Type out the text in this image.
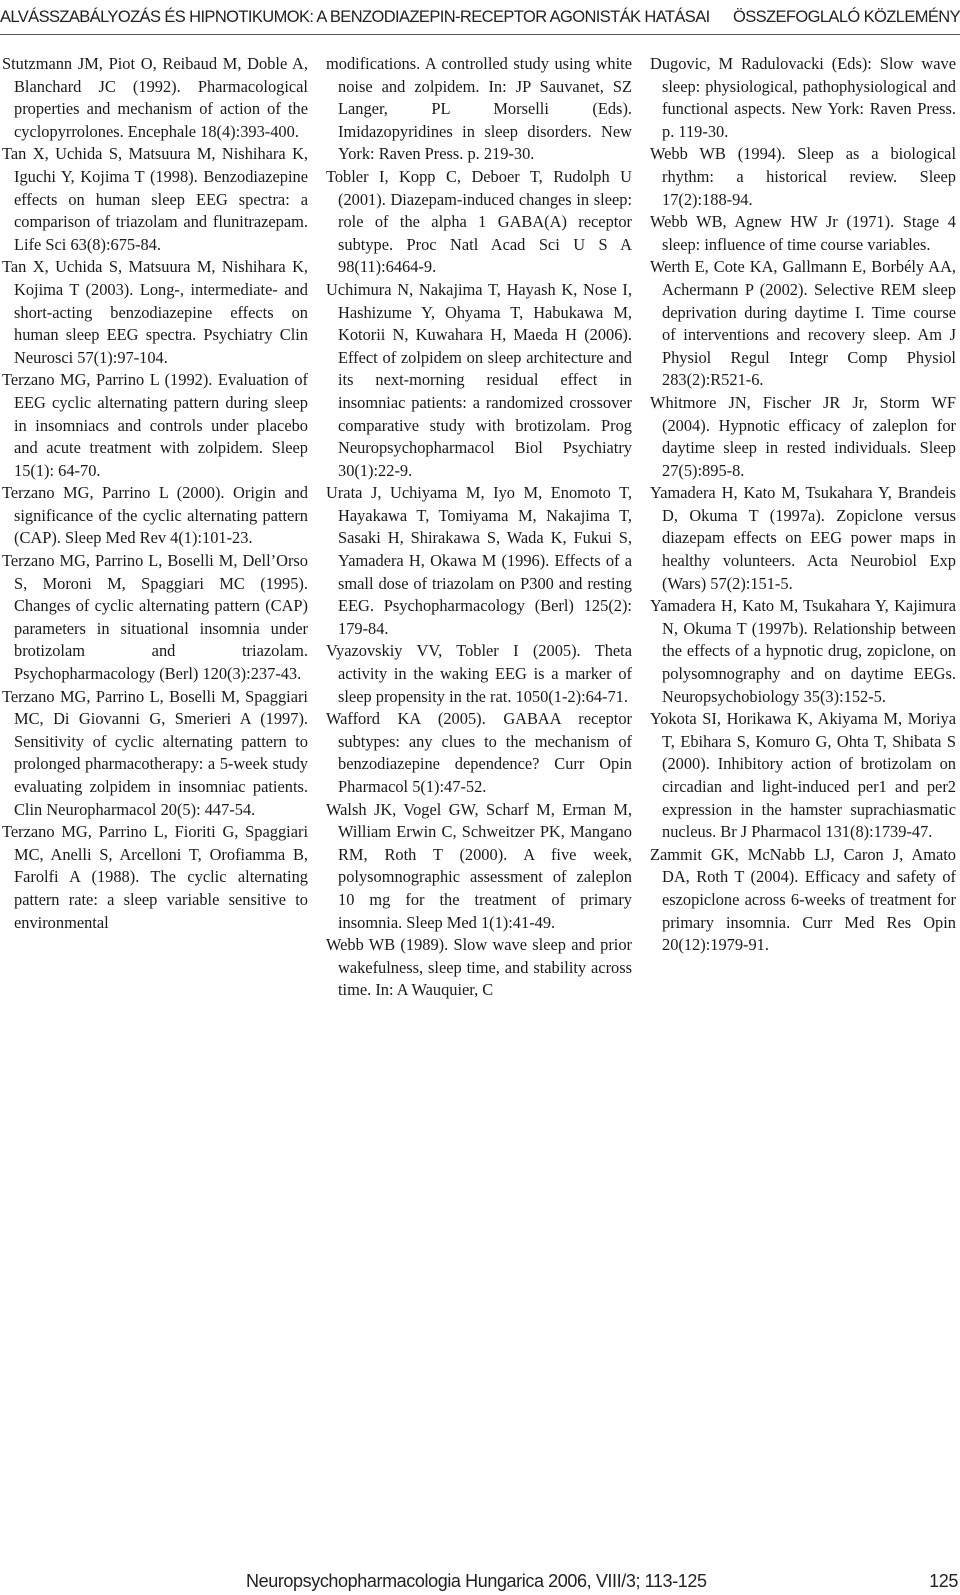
ALVÁSSZABÁLYOZÁS ÉS HIPNOTIKUMOK: A BENZODIAZEPIN-RECEPTOR AGONISTÁK HATÁSAI ÖSSZEFOGLALÓ KÖZLEMÉNY

Stutzmann JM, Piot O, Reibaud M, Doble A, Blanchard JC (1992). Pharmacological properties and mechanism of action of the cyclopyrrolones. Encephale 18(4):393-400.

Tan X, Uchida S, Matsuura M, Nishihara K, Iguchi Y, Kojima T (1998). Benzodiazepine effects on human sleep EEG spectra: a comparison of triazolam and flunitrazepam. Life Sci 63(8):675-84.

Tan X, Uchida S, Matsuura M, Nishihara K, Kojima T (2003). Long-, intermediate- and short-acting benzodiazepine effects on human sleep EEG spectra. Psychiatry Clin Neurosci 57(1):97-104.

Terzano MG, Parrino L (1992). Evaluation of EEG cyclic alternating pattern during sleep in insomniacs and controls under placebo and acute treatment with zolpidem. Sleep 15(1): 64-70.

Terzano MG, Parrino L (2000). Origin and significance of the cyclic alternating pattern (CAP). Sleep Med Rev 4(1):101-23.

Terzano MG, Parrino L, Boselli M, Dell’Orso S, Moroni M, Spaggiari MC (1995). Changes of cyclic alternating pattern (CAP) parameters in situational insomnia under brotizolam and triazolam. Psychopharmacology (Berl) 120(3):237-43.

Terzano MG, Parrino L, Boselli M, Spaggiari MC, Di Giovanni G, Smerieri A (1997). Sensitivity of cyclic alternating pattern to prolonged pharmacotherapy: a 5-week study evaluating zolpidem in insomniac patients. Clin Neuropharmacol 20(5): 447-54.

Terzano MG, Parrino L, Fioriti G, Spaggiari MC, Anelli S, Arcelloni T, Orofiamma B, Farolfi A (1988). The cyclic alternating pattern rate: a sleep variable sensitive to environmental

modifications. A controlled study using white noise and zolpidem. In: JP Sauvanet, SZ Langer, PL Morselli (Eds). Imidazopyridines in sleep disorders. New York: Raven Press. p. 219-30.

Tobler I, Kopp C, Deboer T, Rudolph U (2001). Diazepam-induced changes in sleep: role of the alpha 1 GABA(A) receptor subtype. Proc Natl Acad Sci U S A 98(11):6464-9.

Uchimura N, Nakajima T, Hayash K, Nose I, Hashizume Y, Ohyama T, Habukawa M, Kotorii N, Kuwahara H, Maeda H (2006). Effect of zolpidem on sleep architecture and its next-morning residual effect in insomniac patients: a randomized crossover comparative study with brotizolam. Prog Neuropsychopharmacol Biol Psychiatry 30(1):22-9.

Urata J, Uchiyama M, Iyo M, Enomoto T, Hayakawa T, Tomiyama M, Nakajima T, Sasaki H, Shirakawa S, Wada K, Fukui S, Yamadera H, Okawa M (1996). Effects of a small dose of triazolam on P300 and resting EEG. Psychopharmacology (Berl) 125(2): 179-84.

Vyazovskiy VV, Tobler I (2005). Theta activity in the waking EEG is a marker of sleep propensity in the rat. 1050(1-2):64-71.

Wafford KA (2005). GABAA receptor subtypes: any clues to the mechanism of benzodiazepine dependence? Curr Opin Pharmacol 5(1):47-52.

Walsh JK, Vogel GW, Scharf M, Erman M, William Erwin C, Schweitzer PK, Mangano RM, Roth T (2000). A five week, polysomnographic assessment of zaleplon 10 mg for the treatment of primary insomnia. Sleep Med 1(1):41-49.

Webb WB (1989). Slow wave sleep and prior wakefulness, sleep time, and stability across time. In: A Wauquier, C

Dugovic, M Radulovacki (Eds): Slow wave sleep: physiological, pathophysiological and functional aspects. New York: Raven Press. p. 119-30.

Webb WB (1994). Sleep as a biological rhythm: a historical review. Sleep 17(2):188-94.

Webb WB, Agnew HW Jr (1971). Stage 4 sleep: influence of time course variables.

Werth E, Cote KA, Gallmann E, Borbély AA, Achermann P (2002). Selective REM sleep deprivation during daytime I. Time course of interventions and recovery sleep. Am J Physiol Regul Integr Comp Physiol 283(2):R521-6.

Whitmore JN, Fischer JR Jr, Storm WF (2004). Hypnotic efficacy of zaleplon for daytime sleep in rested individuals. Sleep 27(5):895-8.

Yamadera H, Kato M, Tsukahara Y, Brandeis D, Okuma T (1997a). Zopiclone versus diazepam effects on EEG power maps in healthy volunteers. Acta Neurobiol Exp (Wars) 57(2):151-5.

Yamadera H, Kato M, Tsukahara Y, Kajimura N, Okuma T (1997b). Relationship between the effects of a hypnotic drug, zopiclone, on polysomnography and on daytime EEGs. Neuropsychobiology 35(3):152-5.

Yokota SI, Horikawa K, Akiyama M, Moriya T, Ebihara S, Komuro G, Ohta T, Shibata S (2000). Inhibitory action of brotizolam on circadian and light-induced per1 and per2 expression in the hamster suprachiasmatic nucleus. Br J Pharmacol 131(8):1739-47.

Zammit GK, McNabb LJ, Caron J, Amato DA, Roth T (2004). Efficacy and safety of eszopiclone across 6-weeks of treatment for primary insomnia. Curr Med Res Opin 20(12):1979-91.

Neuropsychopharmacologia Hungarica 2006, VIII/3; 113-125	125
